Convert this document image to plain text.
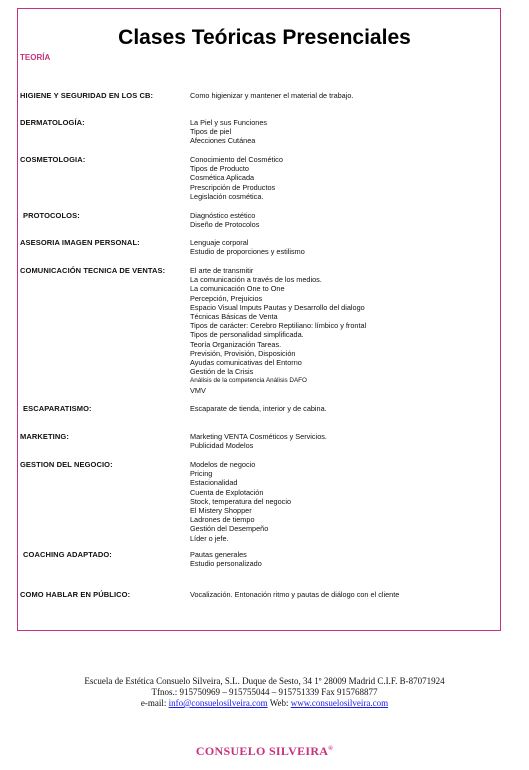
Clases Teóricas Presenciales
TEORÍA
HIGIENE Y SEGURIDAD EN LOS CB:	Como higienizar y mantener el material de trabajo.
DERMATOLOGÍA:	La Piel y sus Funciones
Tipos de piel
Afecciones Cutánea
COSMETOLOGIA:	Conocimiento del Cosmético
Tipos de Producto
Cosmética Aplicada
Prescripción de Productos
Legislación cosmética.
PROTOCOLOS:	Diagnóstico estético
Diseño de Protocolos
ASESORIA IMAGEN PERSONAL:	Lenguaje corporal
Estudio de proporciones y estilismo
COMUNICACIÓN TECNICA DE VENTAS:	El arte de transmitir
La comunicación a través de los medios.
La comunicación One to One
Percepción, Prejuicios
Espacio Visual Imputs Pautas y Desarrollo del dialogo
Técnicas Básicas de Venta
Tipos de carácter: Cerebro Reptiliano: límbico y frontal
Tipos de personalidad simplificada.
Teoría Organización Tareas.
Previsión, Provisión, Disposición
Ayudas comunicativas del Entorno
Gestión de la Crisis
Análisis de la competencia Análisis DAFO
VMV
ESCAPARATISMO:	Escaparate de tienda, interior y de cabina.
MARKETING:	Marketing VENTA Cosméticos y Servicios.
Publicidad Modelos
GESTION DEL NEGOCIO:	Modelos de negocio
Pricing
Estacionalidad
Cuenta de Explotación
Stock, temperatura del negocio
El Mistery Shopper
Ladrones de tiempo
Gestión del Desempeño
Líder o jefe.
COACHING ADAPTADO:	Pautas generales
Estudio personalizado
COMO HABLAR EN PÚBLICO:	Vocalización. Entonación ritmo y pautas de diálogo con el cliente
Escuela de Estética Consuelo Silveira, S.L. Duque de Sesto, 34 1º 28009 Madrid C.I.F. B-87071924
Tfnos.: 915750969 – 915755044 – 915751339 Fax 915768877
e-mail: info@consuelosilveira.com Web: www.consuelosilveira.com
CONSUELO SILVEIRA®
